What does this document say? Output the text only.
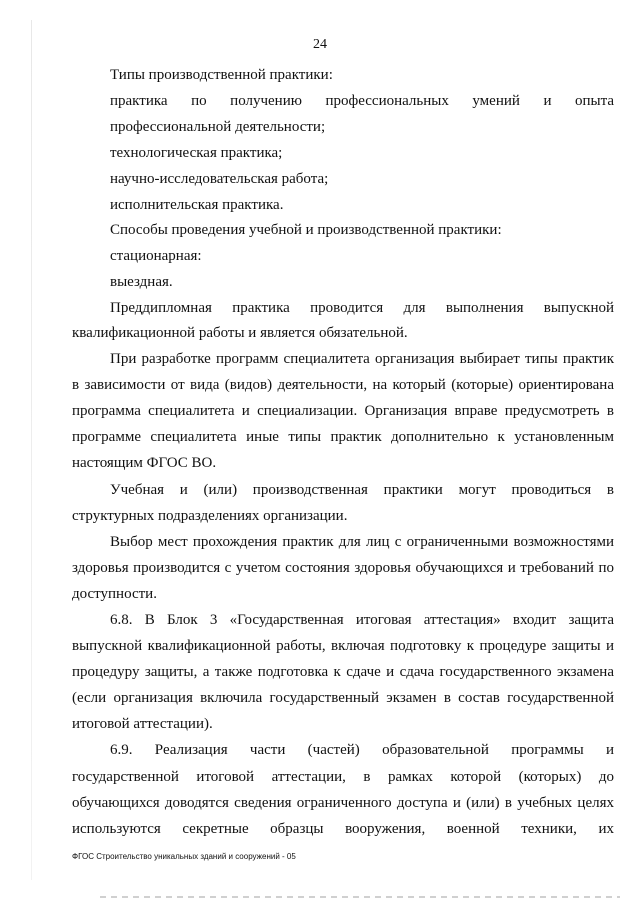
24
Типы производственной практики:
практика по получению профессиональных умений и опыта
профессиональной деятельности;
технологическая практика;
научно-исследовательская работа;
исполнительская практика.
Способы проведения учебной и производственной практики:
стационарная:
выездная.
Преддипломная практика проводится для выполнения выпускной
квалификационной работы и является обязательной.
При разработке программ специалитета организация выбирает типы практик
в зависимости от вида (видов) деятельности, на который (которые) ориентирована
программа специалитета и специализации. Организация вправе предусмотреть в
программе специалитета иные типы практик дополнительно к установленным
настоящим ФГОС ВО.
Учебная и (или) производственная практики могут проводиться в
структурных подразделениях организации.
Выбор мест прохождения практик для лиц с ограниченными возможностями
здоровья производится с учетом состояния здоровья обучающихся и требований по
доступности.
6.8. В Блок 3 «Государственная итоговая аттестация» входит защита
выпускной квалификационной работы, включая подготовку к процедуре защиты и
процедуру защиты, а также подготовка к сдаче и сдача государственного экзамена
(если организация включила государственный экзамен в состав государственной
итоговой аттестации).
6.9. Реализация части (частей) образовательной программы и
государственной итоговой аттестации, в рамках которой (которых) до
обучающихся доводятся сведения ограниченного доступа и (или) в учебных целях
используются секретные образцы вооружения, военной техники, их
ФГОС Строительство уникальных зданий и сооружений - 05
